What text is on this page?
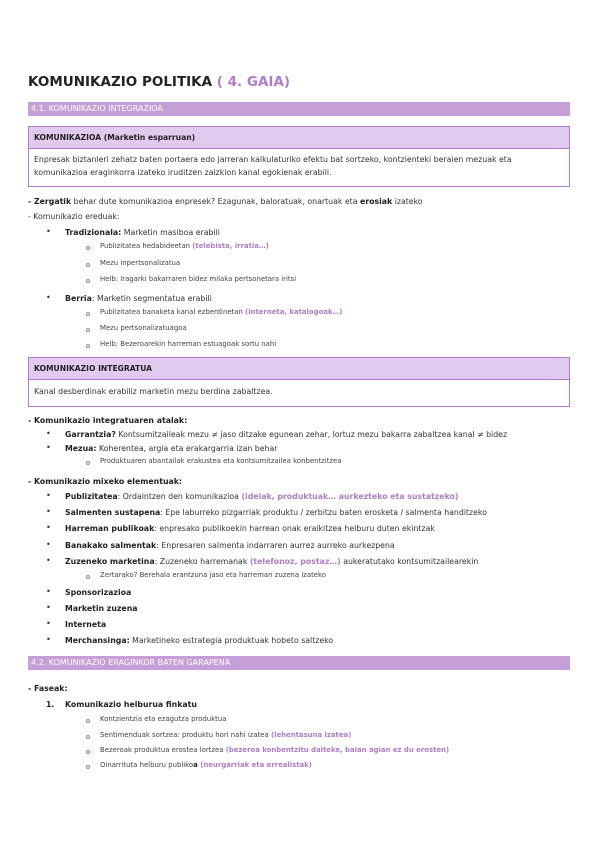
KOMUNIKAZIO POLITIKA ( 4. GAIA)
4.1. KOMUNIKAZIO INTEGRAZIOA
KOMUNIKAZIOA (Marketin esparruan)
Enpresak biztanleri zehatz baten portaera edo jarreran kalkulaturiko efektu bat sortzeko, kontzienteki beraien mezuak eta komunikazioa eraginkorra izateko iruditzen zaizkion kanal egokienak erabili.
- Zergatik behar dute komunikazioa enpresek? Ezagunak, baloratuak, onartuak eta erosiak izateko
- Komunikazio ereduak:
• Tradizionala: Marketin masiboa erabili
Publizitatea hedabideetan (telebista, irratia…)
Mezu inpertsonalizatua
Helb: Iragarki bakarraren bidez milaka pertsonetara iritsi
• Berria: Marketin segmentatua erabili
Publizitatea banaketa kanal ezberdinetan (interneta, katalogoak…)
Mezu pertsonalizatuagoa
Helb: Bezeroarekin harreman estuagoak sortu nahi
KOMUNIKAZIO INTEGRATUA
Kanal desberdinak erabiliz marketin mezu berdina zabaltzea.
- Komunikazio integratuaren atalak:
• Garrantzia? Kontsumitzaileak mezu ≠ jaso ditzake egunean zehar, lortuz mezu bakarra zabaltzea kanal ≠ bidez
• Mezua: Koherentea, argia eta erakargarria izan behar
Produktuaren abantailak erakustea eta kontsumitzailea konbentzitzea
- Komunikazio mixeko elementuak:
• Publizitatea: Ordaintzen den komunikazioa (ideiak, produktuak… aurkezteko eta sustatzeko)
• Salmenten sustapena: Epe laburreko pizgarriak produktu / zerbitzu baten erosketa / salmenta handitzeko
• Harreman publikoak: enpresako publikoekin harrean onak eraikitzea helburu duten ekintzak
• Banakako salmentak: Enpresaren salmenta indarraren aurrez aurreko aurkezpena
• Zuzeneko marketina: Zuzeneko harremanak (telefonoz, postaz…) aukeratutako kontsumitzailearekin
Zertarako? Berehala erantzuna jaso eta harreman zuzena izateko
• Sponsorizazioa
• Marketin zuzena
• Interneta
• Merchansinga: Marketineko estrategia produktuak hobeto saltzeko
4.2. KOMUNIKAZIO ERAGINKOR BATEN GARAPENA
- Faseak:
1. Komunikazio helburua finkatu
Kontzientzia eta ezagutza produktua
Sentimenduak sortzea: produktu hori nahi izatea (lehentasuna izatea)
Bezeroak produktua erostea lortzea (bezeroa konbentzitu daiteke, baian agian ez du erosten)
Oinarrituta helburu publikoa (neurgarriak eta errealistak)
